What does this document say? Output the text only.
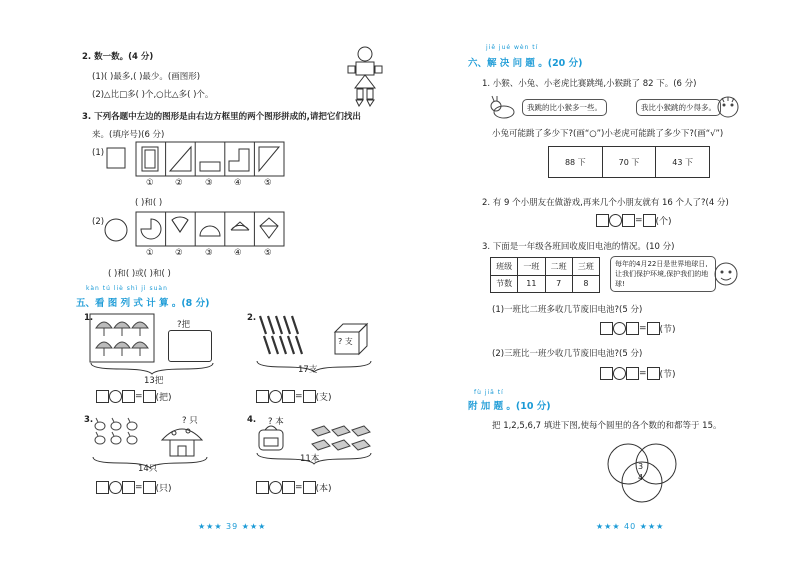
2. 数一数。(4 分)
(1)( )最多,( )最少。(画图形)
(2)△比□多( )个,○比△多( )个。
3. 下列各题中左边的图形是由右边方框里的两个图形拼成的,请把它们找出
来。(填序号)(6 分)
(1)
①	②	③	④	⑤
( )和( )
(2)
①	②	③	④	⑤
( )和( )或( )和( )
kàn tú liè shì jì suàn
五、看 图 列 式 计 算 。(8 分)
1.
?把
13把
= (把)
2.
? 支
17支
= (支)
3.	? 只
14只
= (只)
4. ? 本
11本
= (本)
★★★ 39 ★★★
jiě jué wèn tí
六、解 决 问 题 。(20 分)
1. 小猴、小兔、小老虎比赛跳绳,小猴跳了 82 下。(6 分)
我跳的比小猴多一些。	我比小猴跳的少得多。
小兔可能跳了多少下?(画“○”)小老虎可能跳了多少下?(画“√”)
88 下	70 下	43 下
2. 有 9 个小朋友在做游戏,再来几个小朋友就有 16 个人了?(4 分)
= (个)
3. 下面是一年级各班回收废旧电池的情况。(10 分)
班级	一班	二班	三班
节数	11	7	8
每年的4月22日是世界地球日,让我们保护环境,保护我们的地球!
(1)一班比二班多收几节废旧电池?(5 分)
= (节)
(2)三班比一班少收几节废旧电池?(5 分)
= (节)
fù jiā tí
附 加 题 。(10 分)
把 1,2,5,6,7 填进下图,使每个圆里的各个数的和都等于 15。
3
4
★★★ 40 ★★★
